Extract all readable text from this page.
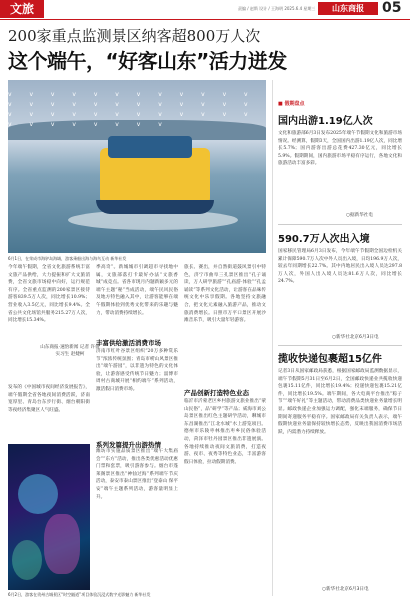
文旅	责编 / 赵斯 设计 / 王海明 2025.6.4 星期三	山东商报	05
200家重点监测景区纳客超800万人次
这个端午，“好客山东”活力迸发
v v v v v v v v v v v v v v v v v v v v v v v v v v v v v v v v v v v v v v v v v v v v
6月1日，在荣成市海驴岛海域，游客乘船出海与海鸟互动 新华社发
今年端午假期，全省文化旅游系统丰富文旅产品供给，大力提振和扩大文旅消费，全省文旅市场稳中向好，运行规范有序。全省重点监测的200家景区接待游客839.5万人次，同比增长10.9%；营业收入3.5亿元，同比增长9.4%。全省公共文化场馆共服务215.27万人次，同比增长15.34%。
山东商报·速豹新闻 记者 许倩 实习生 赵婕柯
发布的《中国城市夜间经济发展报告》，端午假期全省各地夜间消费活跃，济南宽厚里、青岛台东步行街、烟台朝阳街等夜经济集聚区人气旺盛。
季高奇”。新城城市引调超市寻找地中属，文旅部落打卡最好办法“文旅香城”成竞点。省各市现月内题新颖多元的端午主题“秘”当成活动，端午民风民俗及地方特色融入其中，让游客能够在端午假期体验到优秀文化带来的乐趣与魅力，带动消费持续增长。
丰富供给激活消费市场
济南市红叶谷景区组织“20万多种赏乐节”浓浓传统氛围；青岛市崂山风景区推出“端午游园”，以非遗为特色的文化体验，让游客感受传统节日魅力；淄博市周村古商城开展“相约端午”系列活动，激活假日消费市场。
系列发篇提升出游热情
潍坊市实施品质景区推出“端午大集庙会”“东方”活动，推出各类优惠活动优惠门票和套票，吸引游客参与。烟台市蓬莱阁景区推出“神仙过海”系列端午节庆活动，泰安市泰山景区推出“登泰山 保平安”端午主题系列活动，游客量明显上升。
旅长、赛出，并自然街道鼓风景引中特色，济宁市曲阜三孔景区推出“孔子诵读，万人研学旅游”“孔庙游·体验”“孔孟诵读”等系列文化活动，让游客在品味传统文化中乐享假期。各地坚持文旅融合，把文化元素融入旅游产品，推动文旅消费增长。日照市万平口景区开展沙滩音乐节，吸引大量年轻游客。
产品创新打造特色业态
临沂市沂蒙老区乡村旅游文旅业推出“蒙山民俗”，品“研学”等产品；威海市刘公岛景区推出红色主题研学活动，聊城市东昌湖推出“江北水城”水上游览项目。德州市乐陵枣林推出枣乡民俗体验活动，菏泽市牡丹园景区推出非遗展演。各地持续推动夜间文旅消费，打造夜游、夜市、夜秀等特色业态，丰富游客假日体验，拉动假期消费。
6月2日，游客在贵州古城景区“时空隧道”项目体验沉浸式数字光影魅力 新华社发
■ 假期盘点
国内出游1.19亿人次
文化和旅游部6月3日发布2025年端午节假期文化和旅游市场情况。经测算，假期3天，全国国内出游1.19亿人次，同比增长5.7%；国内游客出游总花费427.30亿元，同比增长5.9%。假期期间，国内旅游市场平稳有序运行，各地文化和旅游活动丰富多彩。
○据新华社电
590.7万人次出入境
国家移民管理局6月3日发布，今年端午节假期全国边检机关累计保障590.7万人次中外人员出入境，日均196.9万人次，较去年同期增长22.7%。其中内地居民出入境人员达297.8万人次，外国人出入境人员达81.6万人次，同比增长24.7%。
○新华社北京6月3日电
揽收快递包裹超15亿件
记者3日从国家邮政局获悉，根据国家邮政局监测数据显示，端午节假期5月31日至6月2日，全国邮政快递业共揽收快递包裹15.11亿件，同比增长19.4%；投递快递包裹15.21亿件，同比增长19.5%。端午期间，各大电商平台推出“粽子节”“端午好礼”等主题活动，带动消费品类快递业务量增长明显。邮政快递企业加强运力调配，强化末端服务，确保节日期间寄递服务平稳有序。国家邮政局有关负责人表示，端午假期快递业务量保持较快增长态势，反映出我国消费市场活跃，内需潜力持续释放。
○新华社北京6月3日电
